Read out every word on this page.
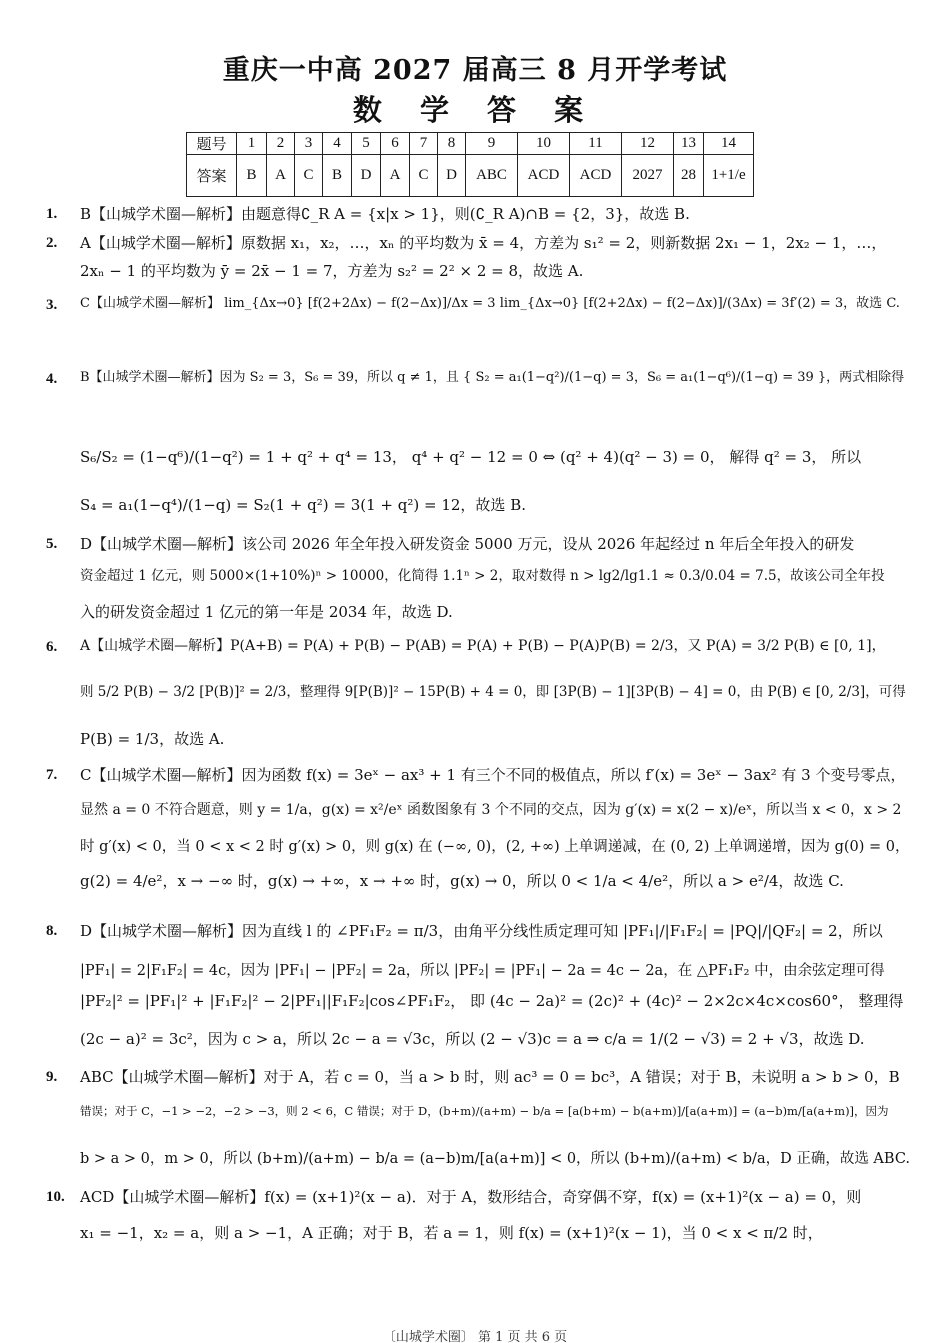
重庆一中高 2027 届高三 8 月开学考试
数 学 答 案
题号	1	2	3	4	5	6	7	8	9	10	11	12	13	14
答案	B	A	C	B	D	A	C	D	ABC	ACD	ACD	2027	28	1+1/e
1. B【山城学术圈—解析】由题意得∁_R A = {x|x > 1}，则(∁_R A)∩B = {2，3}，故选 B.
2. A【山城学术圈—解析】原数据 x₁，x₂，…，xₙ 的平均数为 x̄ = 4，方差为 s₁² = 2，则新数据 2x₁ − 1，2x₂ − 1，…，
2xₙ − 1 的平均数为 ȳ = 2x̄ − 1 = 7，方差为 s₂² = 2² × 2 = 8，故选 A.
3. C【山城学术圈—解析】 lim_{Δx→0} [f(2+2Δx) − f(2−Δx)]/Δx = 3 lim_{Δx→0} [f(2+2Δx) − f(2−Δx)]/(3Δx) = 3f′(2) = 3，故选 C.
4. B【山城学术圈—解析】因为 S₂ = 3，S₆ = 39，所以 q ≠ 1，且 { S₂ = a₁(1−q²)/(1−q) = 3，S₆ = a₁(1−q⁶)/(1−q) = 39 }，两式相除得
S₆/S₂ = (1−q⁶)/(1−q²) = 1 + q² + q⁴ = 13， q⁴ + q² − 12 = 0 ⇔ (q² + 4)(q² − 3) = 0， 解得 q² = 3， 所以
S₄ = a₁(1−q⁴)/(1−q) = S₂(1 + q²) = 3(1 + q²) = 12，故选 B.
5. D【山城学术圈—解析】该公司 2026 年全年投入研发资金 5000 万元，设从 2026 年起经过 n 年后全年投入的研发
资金超过 1 亿元，则 5000×(1+10%)ⁿ > 10000，化简得 1.1ⁿ > 2，取对数得 n > lg2/lg1.1 ≈ 0.3/0.04 = 7.5，故该公司全年投
入的研发资金超过 1 亿元的第一年是 2034 年，故选 D.
6. A【山城学术圈—解析】P(A+B) = P(A) + P(B) − P(AB) = P(A) + P(B) − P(A)P(B) = 2/3，又 P(A) = 3/2 P(B) ∈ [0, 1]，
则 5/2 P(B) − 3/2 [P(B)]² = 2/3，整理得 9[P(B)]² − 15P(B) + 4 = 0，即 [3P(B) − 1][3P(B) − 4] = 0，由 P(B) ∈ [0, 2/3]，可得
P(B) = 1/3，故选 A.
7. C【山城学术圈—解析】因为函数 f(x) = 3eˣ − ax³ + 1 有三个不同的极值点，所以 f′(x) = 3eˣ − 3ax² 有 3 个变号零点，
显然 a = 0 不符合题意，则 y = 1/a，g(x) = x²/eˣ 函数图象有 3 个不同的交点，因为 g′(x) = x(2 − x)/eˣ，所以当 x < 0，x > 2
时 g′(x) < 0，当 0 < x < 2 时 g′(x) > 0，则 g(x) 在 (−∞, 0)，(2, +∞) 上单调递减，在 (0, 2) 上单调递增，因为 g(0) = 0，
g(2) = 4/e²，x → −∞ 时，g(x) → +∞，x → +∞ 时，g(x) → 0，所以 0 < 1/a < 4/e²，所以 a > e²/4，故选 C.
8. D【山城学术圈—解析】因为直线 l 的 ∠PF₁F₂ = π/3，由角平分线性质定理可知 |PF₁|/|F₁F₂| = |PQ|/|QF₂| = 2，所以
|PF₁| = 2|F₁F₂| = 4c，因为 |PF₁| − |PF₂| = 2a，所以 |PF₂| = |PF₁| − 2a = 4c − 2a，在 △PF₁F₂ 中，由余弦定理可得
|PF₂|² = |PF₁|² + |F₁F₂|² − 2|PF₁||F₁F₂|cos∠PF₁F₂， 即 (4c − 2a)² = (2c)² + (4c)² − 2×2c×4c×cos60°， 整理得
(2c − a)² = 3c²，因为 c > a，所以 2c − a = √3c，所以 (2 − √3)c = a ⇒ c/a = 1/(2 − √3) = 2 + √3，故选 D.
9. ABC【山城学术圈—解析】对于 A，若 c = 0，当 a > b 时，则 ac³ = 0 = bc³，A 错误；对于 B，未说明 a > b > 0，B
错误；对于 C，−1 > −2，−2 > −3，则 2 < 6，C 错误；对于 D，(b+m)/(a+m) − b/a = [a(b+m) − b(a+m)]/[a(a+m)] = (a−b)m/[a(a+m)]，因为
b > a > 0，m > 0，所以 (b+m)/(a+m) − b/a = (a−b)m/[a(a+m)] < 0，所以 (b+m)/(a+m) < b/a，D 正确，故选 ABC.
10. ACD【山城学术圈—解析】f(x) = (x+1)²(x − a)．对于 A，数形结合，奇穿偶不穿，f(x) = (x+1)²(x − a) = 0，则
x₁ = −1，x₂ = a，则 a > −1，A 正确；对于 B，若 a = 1，则 f(x) = (x+1)²(x − 1)，当 0 < x < π/2 时，
〔山城学术圈〕 第 1 页 共 6 页
